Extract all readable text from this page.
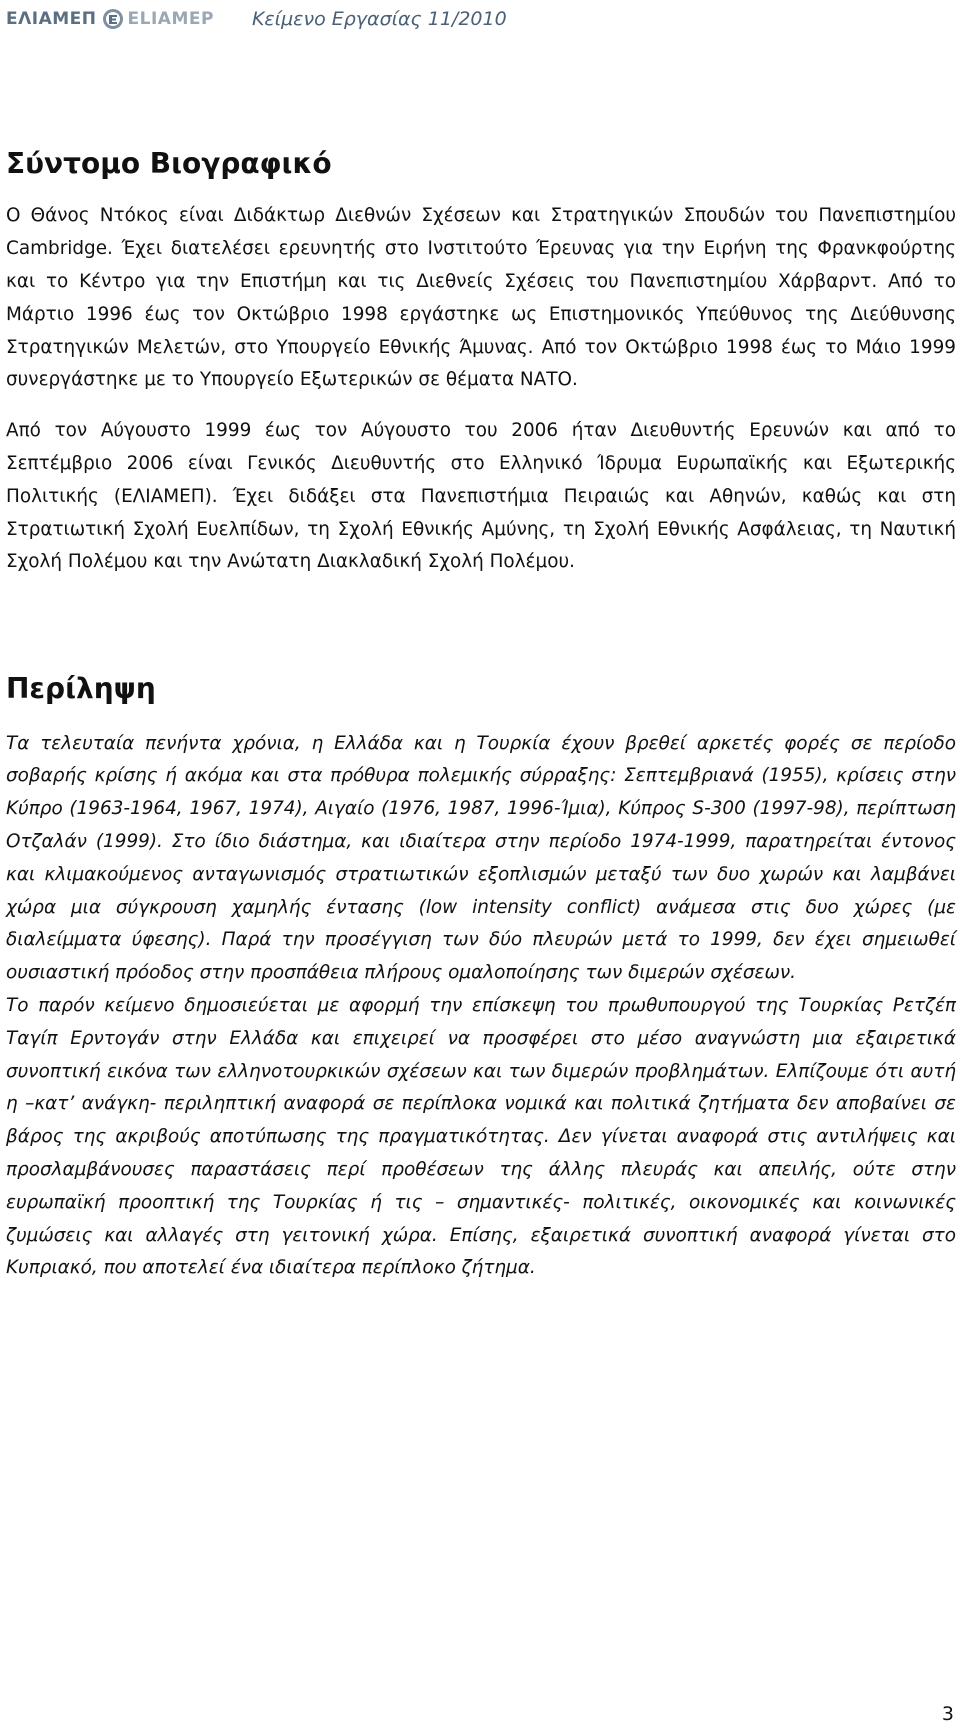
ΕΛΙΑΜΕΠ ELIAMEP Κείμενο Εργασίας 11/2010
Σύντομο Βιογραφικό

Ο Θάνος Ντόκος είναι Διδάκτωρ Διεθνών Σχέσεων και Στρατηγικών Σπουδών του Πανεπιστημίου Cambridge. Έχει διατελέσει ερευνητής στο Ινστιτούτο Έρευνας για την Ειρήνη της Φρανκφούρτης και το Κέντρο για την Επιστήμη και τις Διεθνείς Σχέσεις του Πανεπιστημίου Χάρβαρντ. Από το Μάρτιο 1996 έως τον Οκτώβριο 1998 εργάστηκε ως Επιστημονικός Υπεύθυνος της Διεύθυνσης Στρατηγικών Μελετών, στο Υπουργείο Εθνικής Άμυνας. Από τον Οκτώβριο 1998 έως το Μάιο 1999 συνεργάστηκε με το Υπουργείο Εξωτερικών σε θέματα ΝΑΤΟ.

Από τον Αύγουστο 1999 έως τον Αύγουστο του 2006 ήταν Διευθυντής Ερευνών και από το Σεπτέμβριο 2006 είναι Γενικός Διευθυντής στο Ελληνικό Ίδρυμα Ευρωπαϊκής και Εξωτερικής Πολιτικής (ΕΛΙΑΜΕΠ). Έχει διδάξει στα Πανεπιστήμια Πειραιώς και Αθηνών, καθώς και στη Στρατιωτική Σχολή Ευελπίδων, τη Σχολή Εθνικής Αμύνης, τη Σχολή Εθνικής Ασφάλειας, τη Ναυτική Σχολή Πολέμου και την Ανώτατη Διακλαδική Σχολή Πολέμου.

Περίληψη

Τα τελευταία πενήντα χρόνια, η Ελλάδα και η Τουρκία έχουν βρεθεί αρκετές φορές σε περίοδο σοβαρής κρίσης ή ακόμα και στα πρόθυρα πολεμικής σύρραξης: Σεπτεμβριανά (1955), κρίσεις στην Κύπρο (1963-1964, 1967, 1974), Αιγαίο (1976, 1987, 1996-Ίμια), Κύπρος S-300 (1997-98), περίπτωση Οτζαλάν (1999). Στο ίδιο διάστημα, και ιδιαίτερα στην περίοδο 1974-1999, παρατηρείται έντονος και κλιμακούμενος ανταγωνισμός στρατιωτικών εξοπλισμών μεταξύ των δυο χωρών και λαμβάνει χώρα μια σύγκρουση χαμηλής έντασης (low intensity conflict) ανάμεσα στις δυο χώρες (με διαλείμματα ύφεσης). Παρά την προσέγγιση των δύο πλευρών μετά το 1999, δεν έχει σημειωθεί ουσιαστική πρόοδος στην προσπάθεια πλήρους ομαλοποίησης των διμερών σχέσεων.

Το παρόν κείμενο δημοσιεύεται με αφορμή την επίσκεψη του πρωθυπουργού της Τουρκίας Ρετζέπ Ταγίπ Ερντογάν στην Ελλάδα και επιχειρεί να προσφέρει στο μέσο αναγνώστη μια εξαιρετικά συνοπτική εικόνα των ελληνοτουρκικών σχέσεων και των διμερών προβλημάτων. Ελπίζουμε ότι αυτή η –κατ’ ανάγκη- περιληπτική αναφορά σε περίπλοκα νομικά και πολιτικά ζητήματα δεν αποβαίνει σε βάρος της ακριβούς αποτύπωσης της πραγματικότητας. Δεν γίνεται αναφορά στις αντιλήψεις και προσλαμβάνουσες παραστάσεις περί προθέσεων της άλλης πλευράς και απειλής, ούτε στην ευρωπαϊκή προοπτική της Τουρκίας ή τις – σημαντικές- πολιτικές, οικονομικές και κοινωνικές ζυμώσεις και αλλαγές στη γειτονική χώρα. Επίσης, εξαιρετικά συνοπτική αναφορά γίνεται στο Κυπριακό, που αποτελεί ένα ιδιαίτερα περίπλοκο ζήτημα.

3
